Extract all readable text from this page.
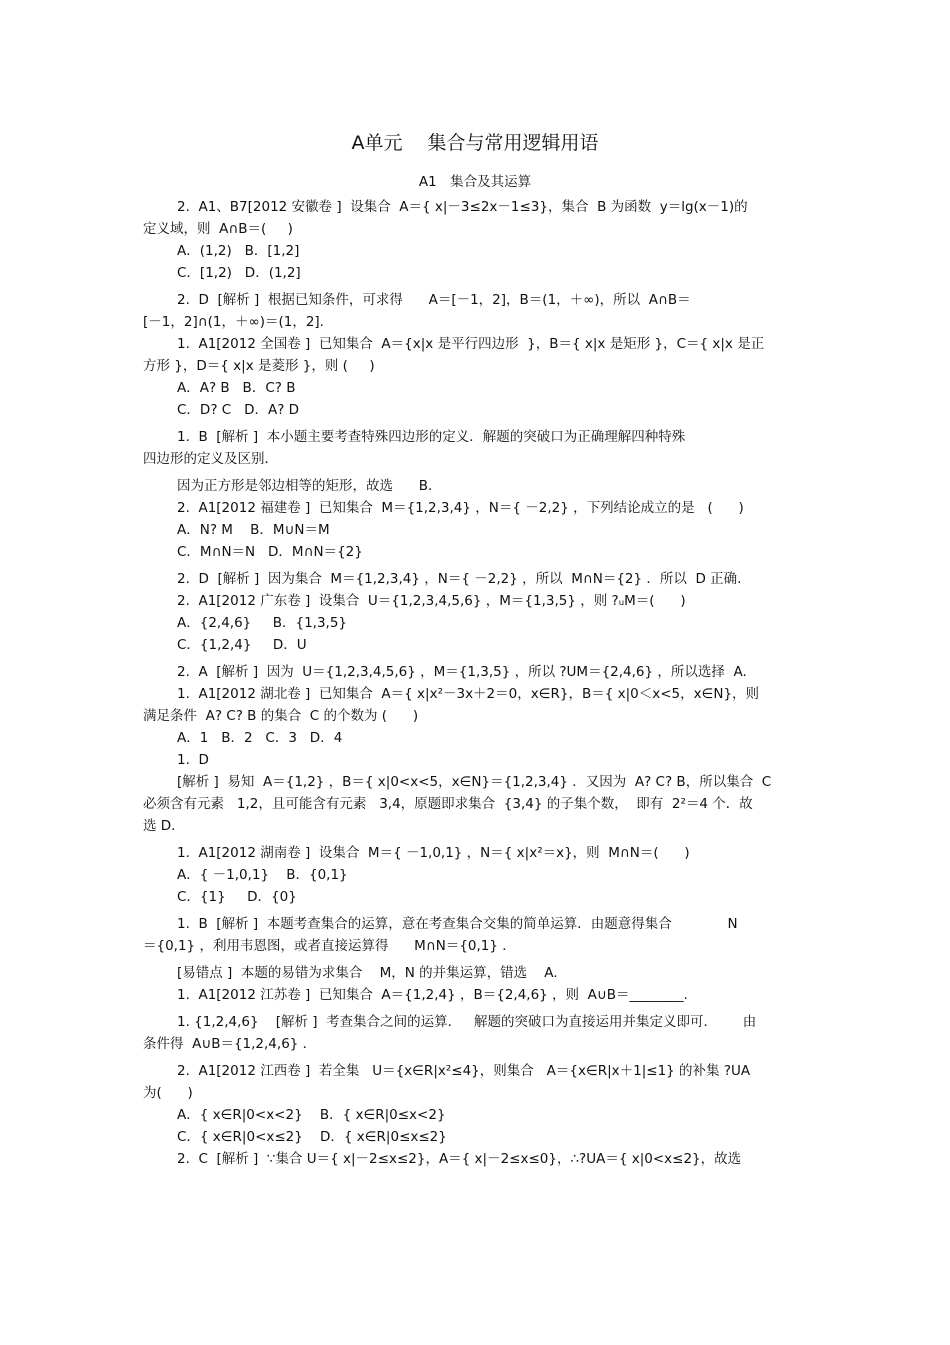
A单元　 集合与常用逻辑用语
A1　集合及其运算

2.  A1、B7[2012 安徽卷 ]  设集合  A＝{ x|－3≤2x－1≤3}，集合  B 为函数  y＝lg(x－1)的

定义域，则  A∩B＝(     )

A．(1,2)   B．[1,2]

C．[1,2)   D．(1,2]

2.  D  [解析 ]  根据已知条件，可求得      A＝[－1，2]，B＝(1，＋∞)，所以  A∩B＝

[－1，2]∩(1，＋∞)＝(1，2].

1.  A1[2012 全国卷 ]  已知集合  A＝{x|x 是平行四边形  }，B＝{ x|x 是矩形 }，C＝{ x|x 是正

方形 }，D＝{ x|x 是菱形 }，则 (     )

A．A? B   B．C? B

C．D? C   D．A? D

1.  B  [解析 ]  本小题主要考查特殊四边形的定义．解题的突破口为正确理解四种特殊

四边形的定义及区别．

因为正方形是邻边相等的矩形，故选      B.

2.  A1[2012 福建卷 ]  已知集合  M＝{1,2,3,4} ，N＝{ －2,2} ，下列结论成立的是   (      )

A．N? M    B．M∪N＝M

C．M∩N＝N   D．M∩N＝{2}

2.  D  [解析 ]  因为集合  M＝{1,2,3,4} ，N＝{ －2,2} ，所以  M∩N＝{2} ．所以  D 正确.

2.  A1[2012 广东卷 ]  设集合  U＝{1,2,3,4,5,6} ，M＝{1,3,5} ，则 ?ᵤM＝(      )

A．{2,4,6}     B．{1,3,5}

C．{1,2,4}     D．U

2.  A  [解析 ]  因为  U＝{1,2,3,4,5,6} ，M＝{1,3,5} ，所以 ?UM＝{2,4,6} ，所以选择  A.

1.  A1[2012 湖北卷 ]  已知集合  A＝{ x|x²－3x＋2＝0，x∈R}，B＝{ x|0＜x<5，x∈N}，则

满足条件  A? C? B 的集合  C 的个数为 (      )

A．1   B．2   C．3   D．4

1.  D

[解析 ]  易知  A＝{1,2} ，B＝{ x|0<x<5，x∈N}＝{1,2,3,4} ．又因为  A? C? B，所以集合  C

必须含有元素   1,2，且可能含有元素   3,4，原题即求集合  {3,4} 的子集个数，  即有  2²＝4 个．故

选 D.

1.  A1[2012 湖南卷 ]  设集合  M＝{ －1,0,1} ，N＝{ x|x²＝x}，则  M∩N＝(      )

A．{ －1,0,1}    B．{0,1}

C．{1}     D．{0}

1.  B  [解析 ]  本题考查集合的运算，意在考查集合交集的简单运算．由题意得集合             N

＝{0,1} ，利用韦恩图，或者直接运算得      M∩N＝{0,1} ．

[易错点 ]  本题的易错为求集合    M，N 的并集运算，错选    A.

1.  A1[2012 江苏卷 ]  已知集合  A＝{1,2,4} ，B＝{2,4,6} ，则  A∪B＝________.

1. {1,2,4,6}    [解析 ]  考查集合之间的运算．   解题的突破口为直接运用并集定义即可．      由

条件得  A∪B＝{1,2,4,6} ．

2.  A1[2012 江西卷 ]  若全集   U＝{x∈R|x²≤4}，则集合   A＝{x∈R|x＋1|≤1} 的补集 ?UA

为(      )

A．{ x∈R|0<x<2}    B．{ x∈R|0≤x<2}

C．{ x∈R|0<x≤2}    D．{ x∈R|0≤x≤2}

2.  C  [解析 ]  ∵集合 U＝{ x|－2≤x≤2}，A＝{ x|－2≤x≤0}，∴?UA＝{ x|0<x≤2}，故选
